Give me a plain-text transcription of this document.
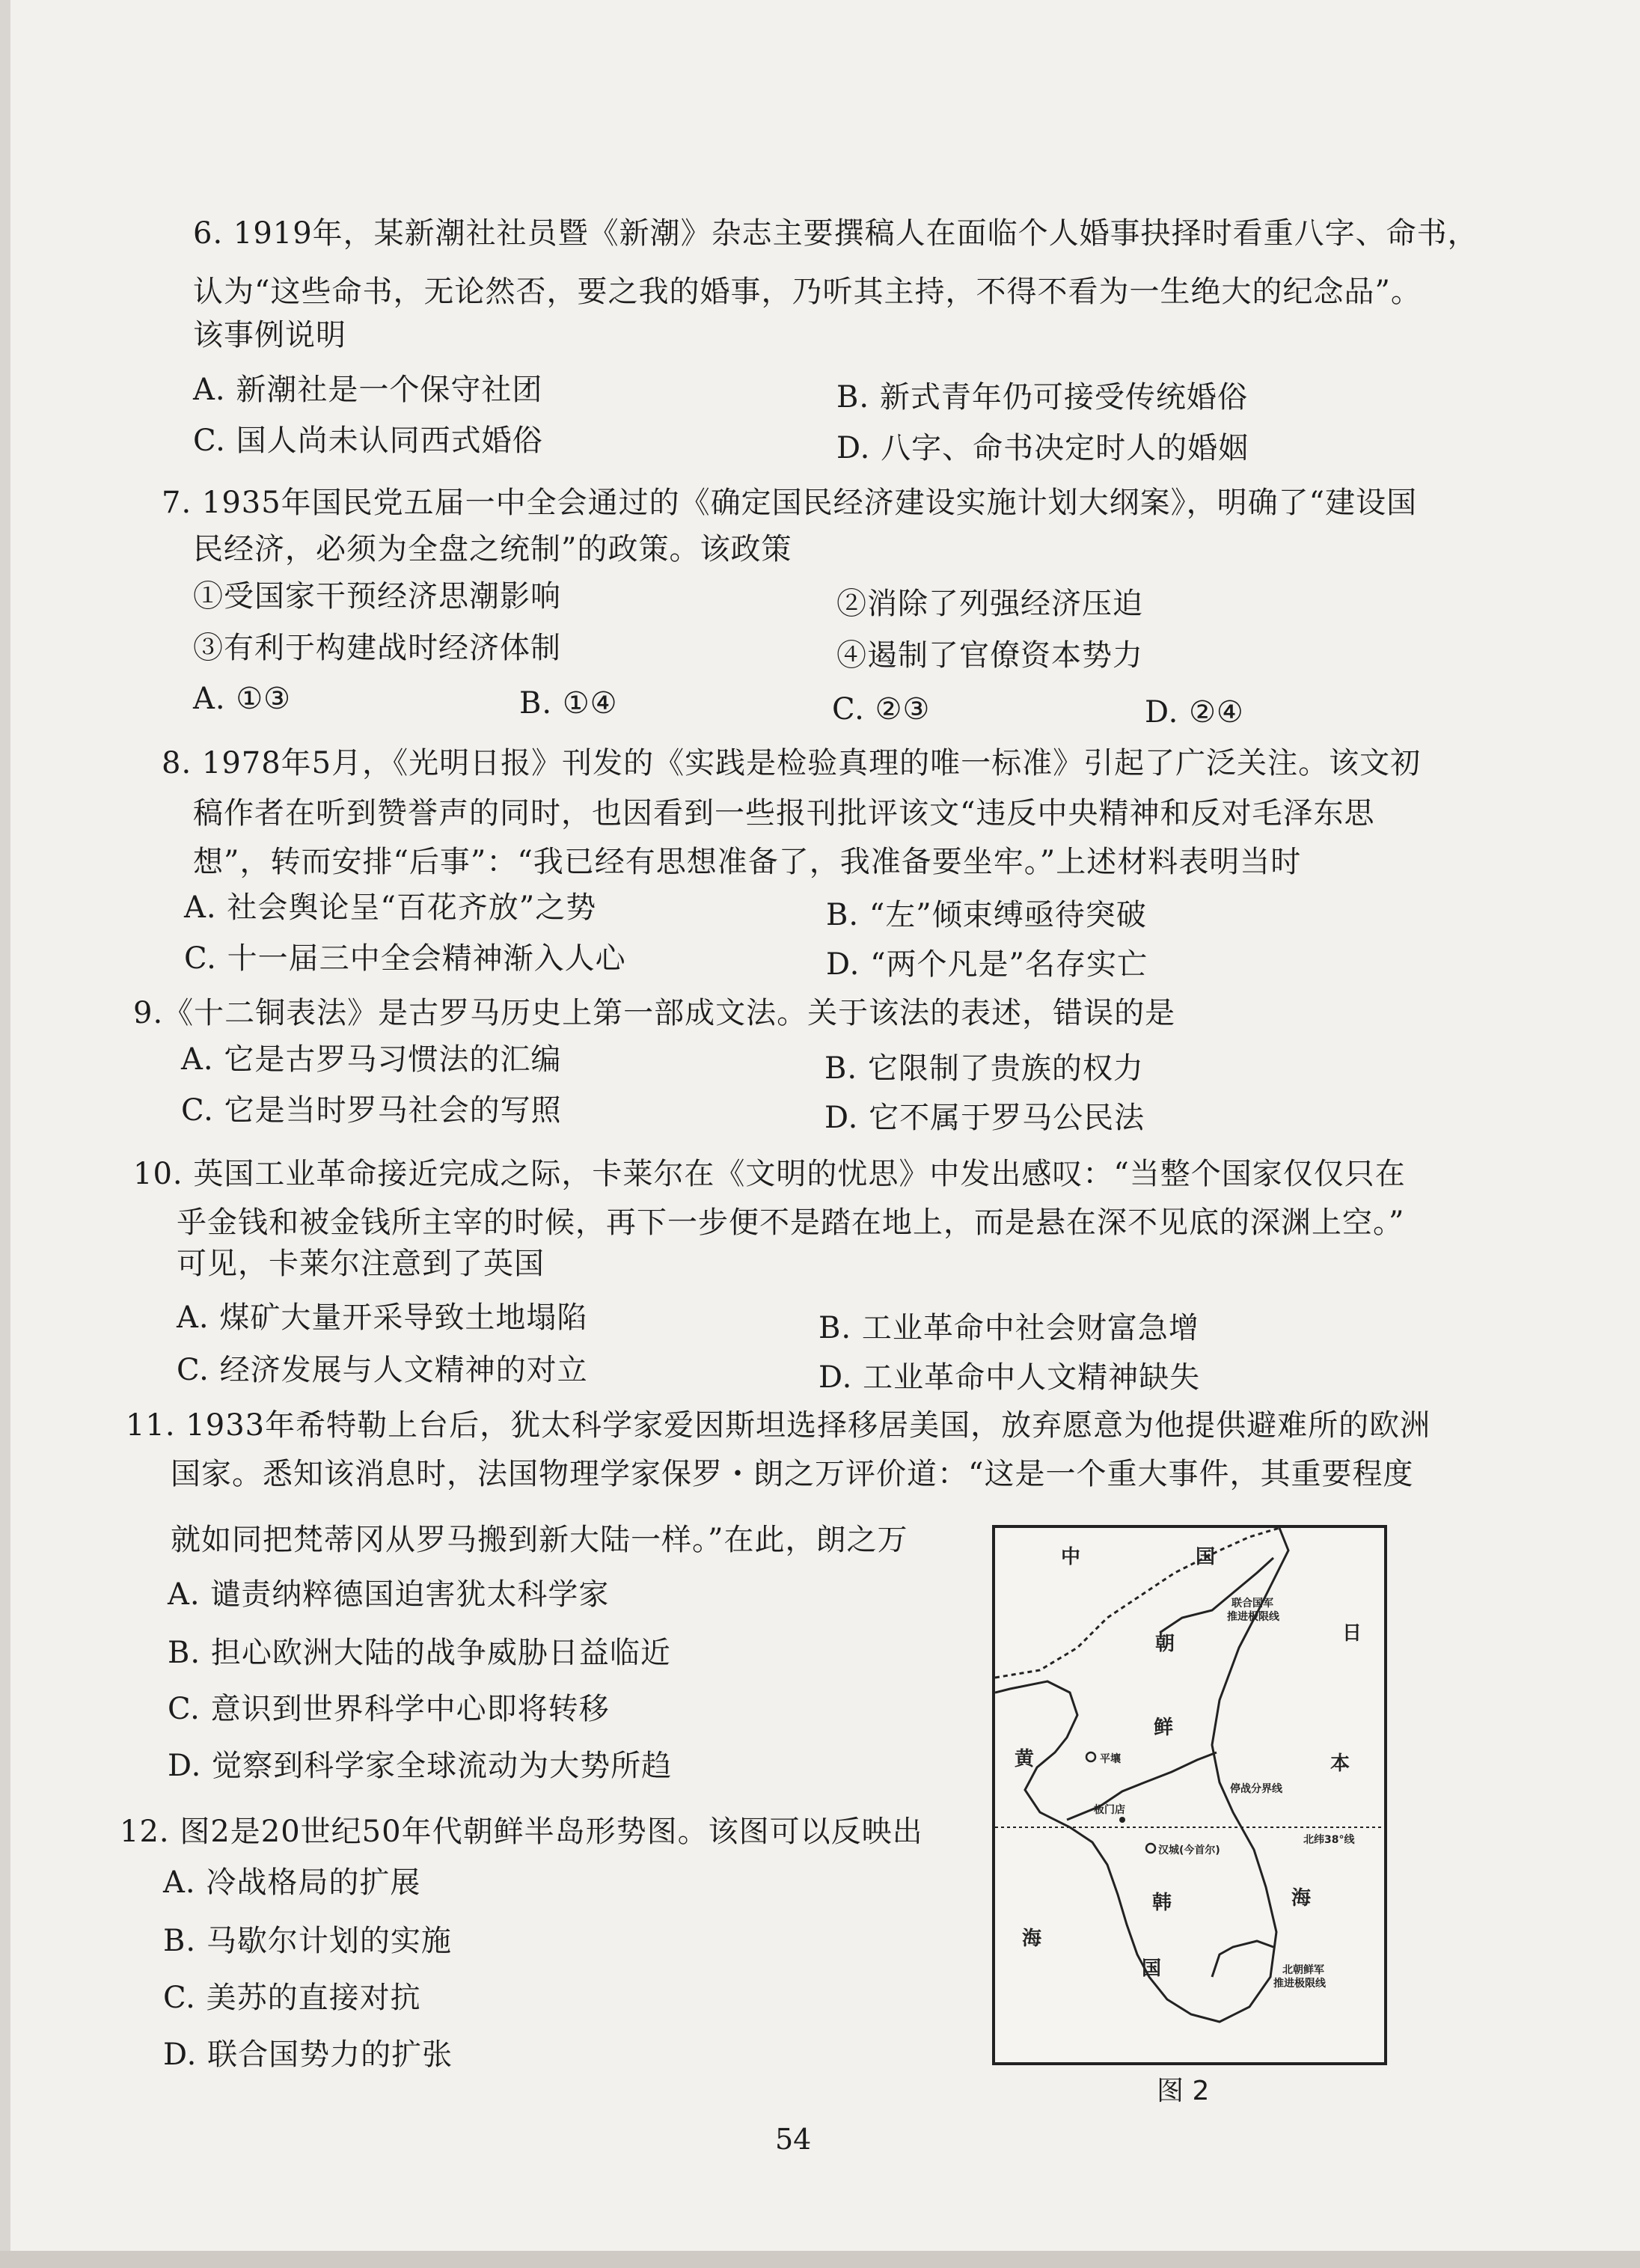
6. 1919年，某新潮社社员暨《新潮》杂志主要撰稿人在面临个人婚事抉择时看重八字、命书，
认为“这些命书，无论然否，要之我的婚事，乃听其主持，不得不看为一生绝大的纪念品”。
该事例说明
A. 新潮社是一个保守社团	B. 新式青年仍可接受传统婚俗
C. 国人尚未认同西式婚俗	D. 八字、命书决定时人的婚姻
7. 1935年国民党五届一中全会通过的《确定国民经济建设实施计划大纲案》，明确了“建设国
民经济，必须为全盘之统制”的政策。该政策
①受国家干预经济思潮影响	②消除了列强经济压迫
③有利于构建战时经济体制	④遏制了官僚资本势力
A. ①③	B. ①④	C. ②③	D. ②④
8. 1978年5月，《光明日报》刊发的《实践是检验真理的唯一标准》引起了广泛关注。该文初
稿作者在听到赞誉声的同时，也因看到一些报刊批评该文“违反中央精神和反对毛泽东思
想”，转而安排“后事”：“我已经有思想准备了，我准备要坐牢。”上述材料表明当时
A. 社会舆论呈“百花齐放”之势	B. “左”倾束缚亟待突破
C. 十一届三中全会精神渐入人心	D. “两个凡是”名存实亡
9.《十二铜表法》是古罗马历史上第一部成文法。关于该法的表述，错误的是
A. 它是古罗马习惯法的汇编	B. 它限制了贵族的权力
C. 它是当时罗马社会的写照	D. 它不属于罗马公民法
10. 英国工业革命接近完成之际，卡莱尔在《文明的忧思》中发出感叹：“当整个国家仅仅只在
乎金钱和被金钱所主宰的时候，再下一步便不是踏在地上，而是悬在深不见底的深渊上空。”
可见，卡莱尔注意到了英国
A. 煤矿大量开采导致土地塌陷	B. 工业革命中社会财富急增
C. 经济发展与人文精神的对立	D. 工业革命中人文精神缺失
11. 1933年希特勒上台后，犹太科学家爱因斯坦选择移居美国，放弃愿意为他提供避难所的欧洲
国家。悉知该消息时，法国物理学家保罗・朗之万评价道：“这是一个重大事件，其重要程度
就如同把梵蒂冈从罗马搬到新大陆一样。”在此，朗之万
A. 谴责纳粹德国迫害犹太科学家
B. 担心欧洲大陆的战争威胁日益临近
C. 意识到世界科学中心即将转移
D. 觉察到科学家全球流动为大势所趋
12. 图2是20世纪50年代朝鲜半岛形势图。该图可以反映出
A. 冷战格局的扩展
B. 马歇尔计划的实施
C. 美苏的直接对抗
D. 联合国势力的扩张
中	国
朝
鲜
韩
国
日
本
海
黄
海
联合国军
推进极限线
平壤
停战分界线
板门店
汉城(今首尔)
北纬38°线
北朝鲜军
推进极限线
图 2
54
